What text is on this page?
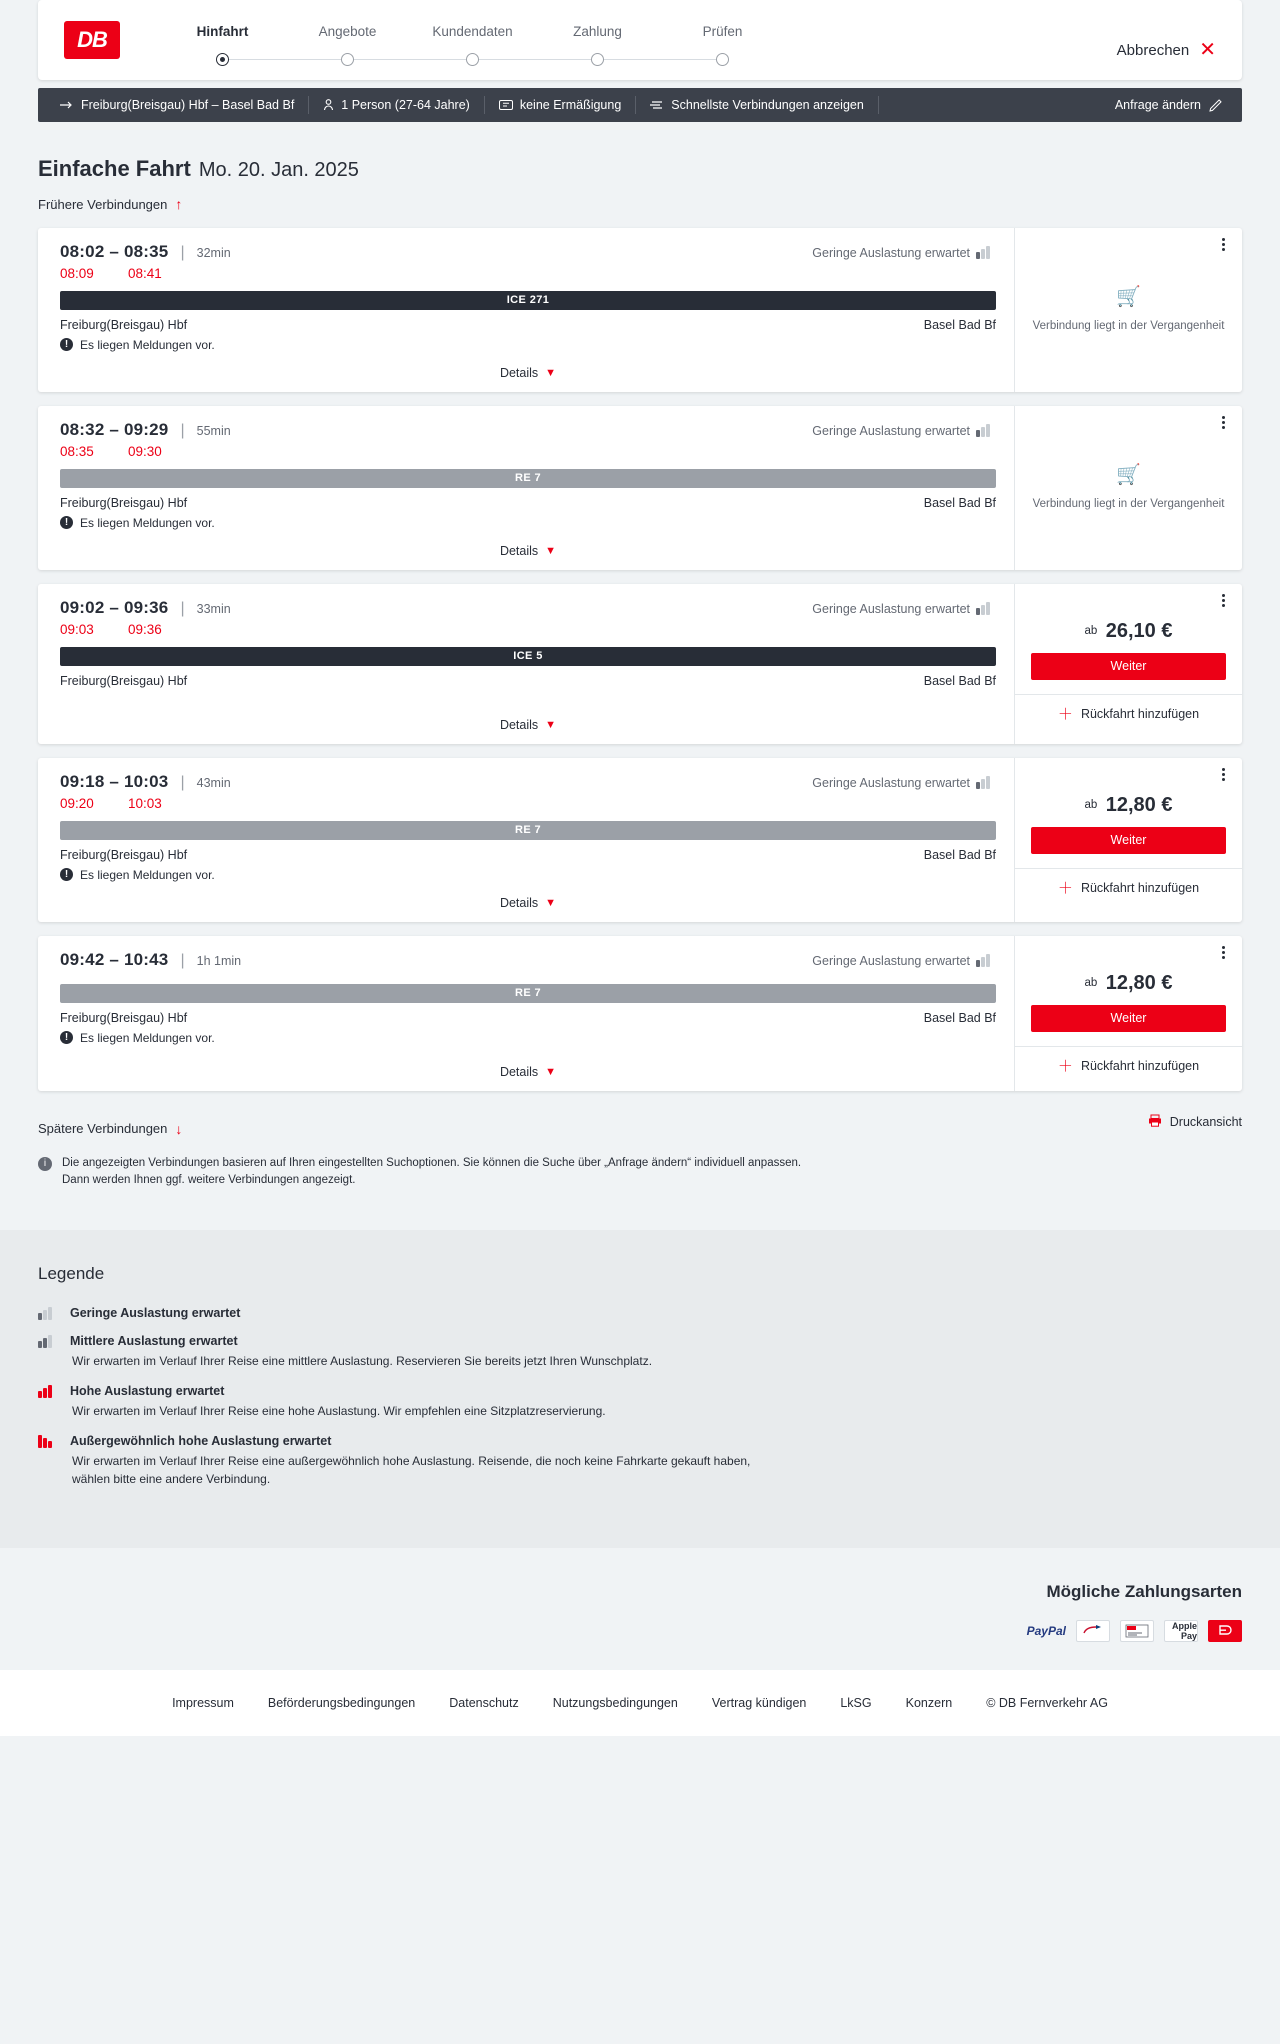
DB	Hinfahrt	Angebote	Kundendaten	Zahlung	Prüfen
Abbrechen ✕
Freiburg(Breisgau) Hbf – Basel Bad Bf	1 Person (27-64 Jahre)	keine Ermäßigung	Schnellste Verbindungen anzeigen	Anfrage ändern
Einfache Fahrt Mo. 20. Jan. 2025
Frühere Verbindungen ↑
08:02 – 08:35 | 32min	Geringe Auslastung erwartet
08:09	08:41
ICE 271
Freiburg(Breisgau) Hbf	Basel Bad Bf
! Es liegen Meldungen vor.
Details ▼
🛒
Verbindung liegt in der Vergangenheit
08:32 – 09:29 | 55min	Geringe Auslastung erwartet
08:35	09:30
RE 7
Freiburg(Breisgau) Hbf	Basel Bad Bf
! Es liegen Meldungen vor.
Details ▼
🛒
Verbindung liegt in der Vergangenheit
09:02 – 09:36 | 33min	Geringe Auslastung erwartet
09:03	09:36
ICE 5
Freiburg(Breisgau) Hbf	Basel Bad Bf
Details ▼
ab 26,10 €
Weiter
＋ Rückfahrt hinzufügen
09:18 – 10:03 | 43min	Geringe Auslastung erwartet
09:20	10:03
RE 7
Freiburg(Breisgau) Hbf	Basel Bad Bf
! Es liegen Meldungen vor.
Details ▼
ab 12,80 €
Weiter
＋ Rückfahrt hinzufügen
09:42 – 10:43 | 1h 1min	Geringe Auslastung erwartet
RE 7
Freiburg(Breisgau) Hbf	Basel Bad Bf
! Es liegen Meldungen vor.
Details ▼
ab 12,80 €
Weiter
＋ Rückfahrt hinzufügen
Spätere Verbindungen ↓	Druckansicht
i	Die angezeigten Verbindungen basieren auf Ihren eingestellten Suchoptionen. Sie können die Suche über „Anfrage ändern“ individuell anpassen. Dann werden Ihnen ggf. weitere Verbindungen angezeigt.
Legende
Geringe Auslastung erwartet
Mittlere Auslastung erwartet
Wir erwarten im Verlauf Ihrer Reise eine mittlere Auslastung. Reservieren Sie bereits jetzt Ihren Wunschplatz.
Hohe Auslastung erwartet
Wir erwarten im Verlauf Ihrer Reise eine hohe Auslastung. Wir empfehlen eine Sitzplatzreservierung.
Außergewöhnlich hohe Auslastung erwartet
Wir erwarten im Verlauf Ihrer Reise eine außergewöhnlich hohe Auslastung. Reisende, die noch keine Fahrkarte gekauft haben, wählen bitte eine andere Verbindung.
Mögliche Zahlungsarten
PayPal	Apple Pay
Impressum	Beförderungsbedingungen	Datenschutz	Nutzungsbedingungen	Vertrag kündigen	LkSG	Konzern	© DB Fernverkehr AG
